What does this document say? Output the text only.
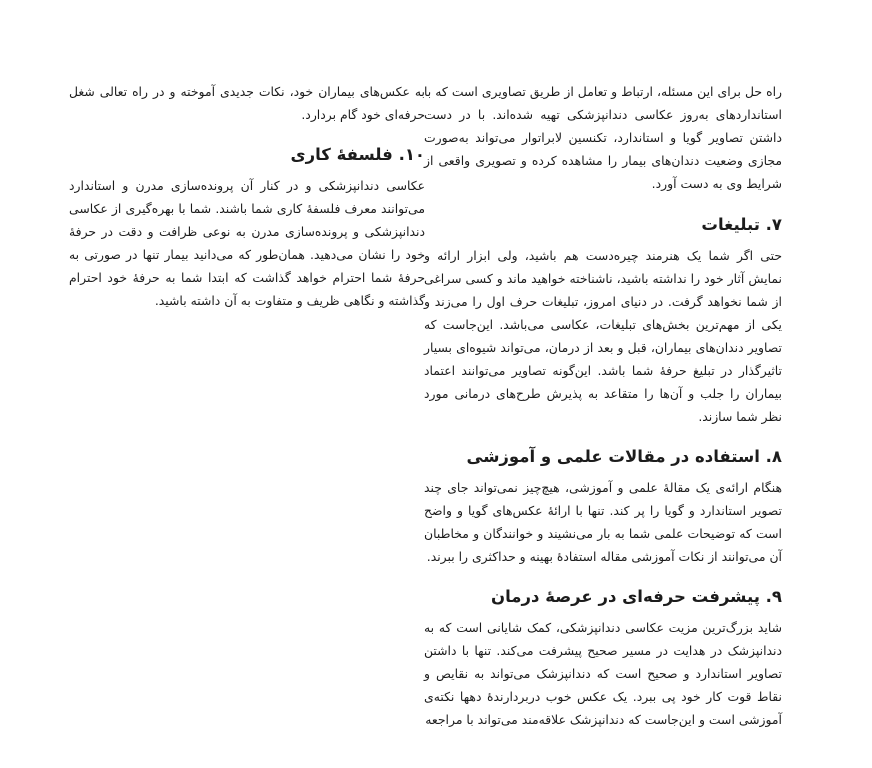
راه حل برای این مسئله، ارتباط و تعامل از طریق تصاویری است که با استانداردهای به‌روز عکاسی دندانپزشکی تهیه شده‌اند. با در دست داشتن تصاویر گویا و استاندارد، تکنسین لابراتوار می‌تواند به‌صورت مجازی وضعیت دندان‌های بیمار را مشاهده کرده و تصویری واقعی از شرایط وی به دست آورد.

۷. تبلیغات

حتی اگر شما یک هنرمند چیره‌دست هم باشید، ولی ابزار ارائه و نمایش آثار خود را نداشته باشید، ناشناخته خواهید ماند و کسی سراغی از شما نخواهد گرفت. در دنیای امروز، تبلیغات حرف اول را می‌زند و یکی از مهم‌ترین بخش‌های تبلیغات، عکاسی می‌باشد. این‌جاست که تصاویر دندان‌های بیماران، قبل و بعد از درمان، می‌تواند شیوه‌ای بسیار تاثیرگذار در تبلیغ حرفهٔ شما باشد. این‌گونه تصاویر می‌توانند اعتماد بیماران را جلب و آن‌ها را متقاعد به پذیرش طرح‌های درمانی مورد نظر شما سازند.

۸. استفاده در مقالات علمی و آموزشی

هنگام ارائه‌ی یک مقالهٔ علمی و آموزشی، هیچ‌چیز نمی‌تواند جای چند تصویر استاندارد و گویا را پر کند. تنها با ارائهٔ عکس‌های گویا و واضح است که توضیحات علمی شما به بار می‌نشیند و خوانندگان و مخاطبان آن می‌توانند از نکات آموزشی مقاله استفادهٔ بهینه و حداکثری را ببرند.

۹. پیشرفت حرفه‌ای در عرصهٔ درمان

شاید بزرگ‌ترین مزیت عکاسی دندانپزشکی، کمک شایانی است که به دندانپزشک در هدایت در مسیر صحیح پیشرفت می‌کند. تنها با داشتن تصاویر استاندارد و صحیح است که دندانپزشک می‌تواند به نقایص و نقاط قوت کار خود پی ببرد. یک عکس خوب دربردارندهٔ دهها نکته‌ی آموزشی است و این‌جاست که دندانپزشک علاقه‌مند می‌تواند با مراجعه

به عکس‌های بیماران خود، نکات جدیدی آموخته و در راه تعالی شغل حرفه‌ای خود گام بردارد.

۱۰. فلسفهٔ کاری

عکاسی دندانپزشکی و در کنار آن پرونده‌سازی مدرن و استاندارد می‌توانند معرف فلسفهٔ کاری شما باشند. شما با بهره‌گیری از عکاسی دندانپزشکی و پرونده‌سازی مدرن به نوعی ظرافت و دقت در حرفهٔ خود را نشان می‌دهید. همان‌طور که می‌دانید بیمار تنها در صورتی به حرفهٔ شما احترام خواهد گذاشت که ابتدا شما به حرفهٔ خود احترام گذاشته و نگاهی ظریف و متفاوت به آن داشته باشید.
